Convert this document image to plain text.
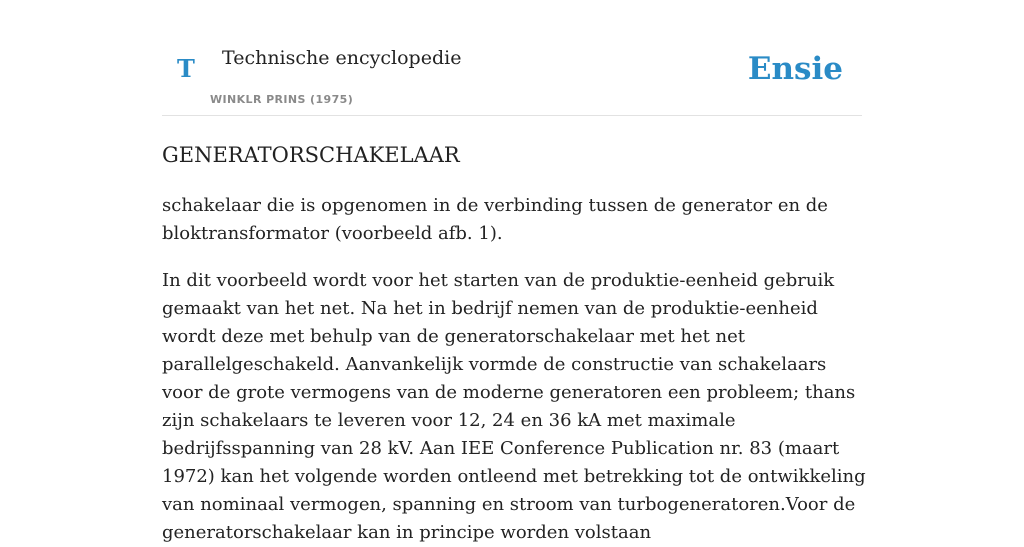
T Technische encyclopedie
WINKLR PRINS (1975)
Ensie
GENERATORSCHAKELAAR

schakelaar die is opgenomen in de verbinding tussen de generator en de bloktransformator (voorbeeld afb. 1).

In dit voorbeeld wordt voor het starten van de produktie-eenheid gebruik gemaakt van het net. Na het in bedrijf nemen van de produktie-eenheid wordt deze met behulp van de generatorschakelaar met het net parallelgeschakeld. Aanvankelijk vormde de constructie van schakelaars voor de grote vermogens van de moderne generatoren een probleem; thans zijn schakelaars te leveren voor 12, 24 en 36 kA met maximale bedrijfsspanning van 28 kV. Aan IEE Conference Publication nr. 83 (maart 1972) kan het volgende worden ontleend met betrekking tot de ontwikkeling van nominaal vermogen, spanning en stroom van turbogeneratoren.Voor de generatorschakelaar kan in principe worden volstaan
